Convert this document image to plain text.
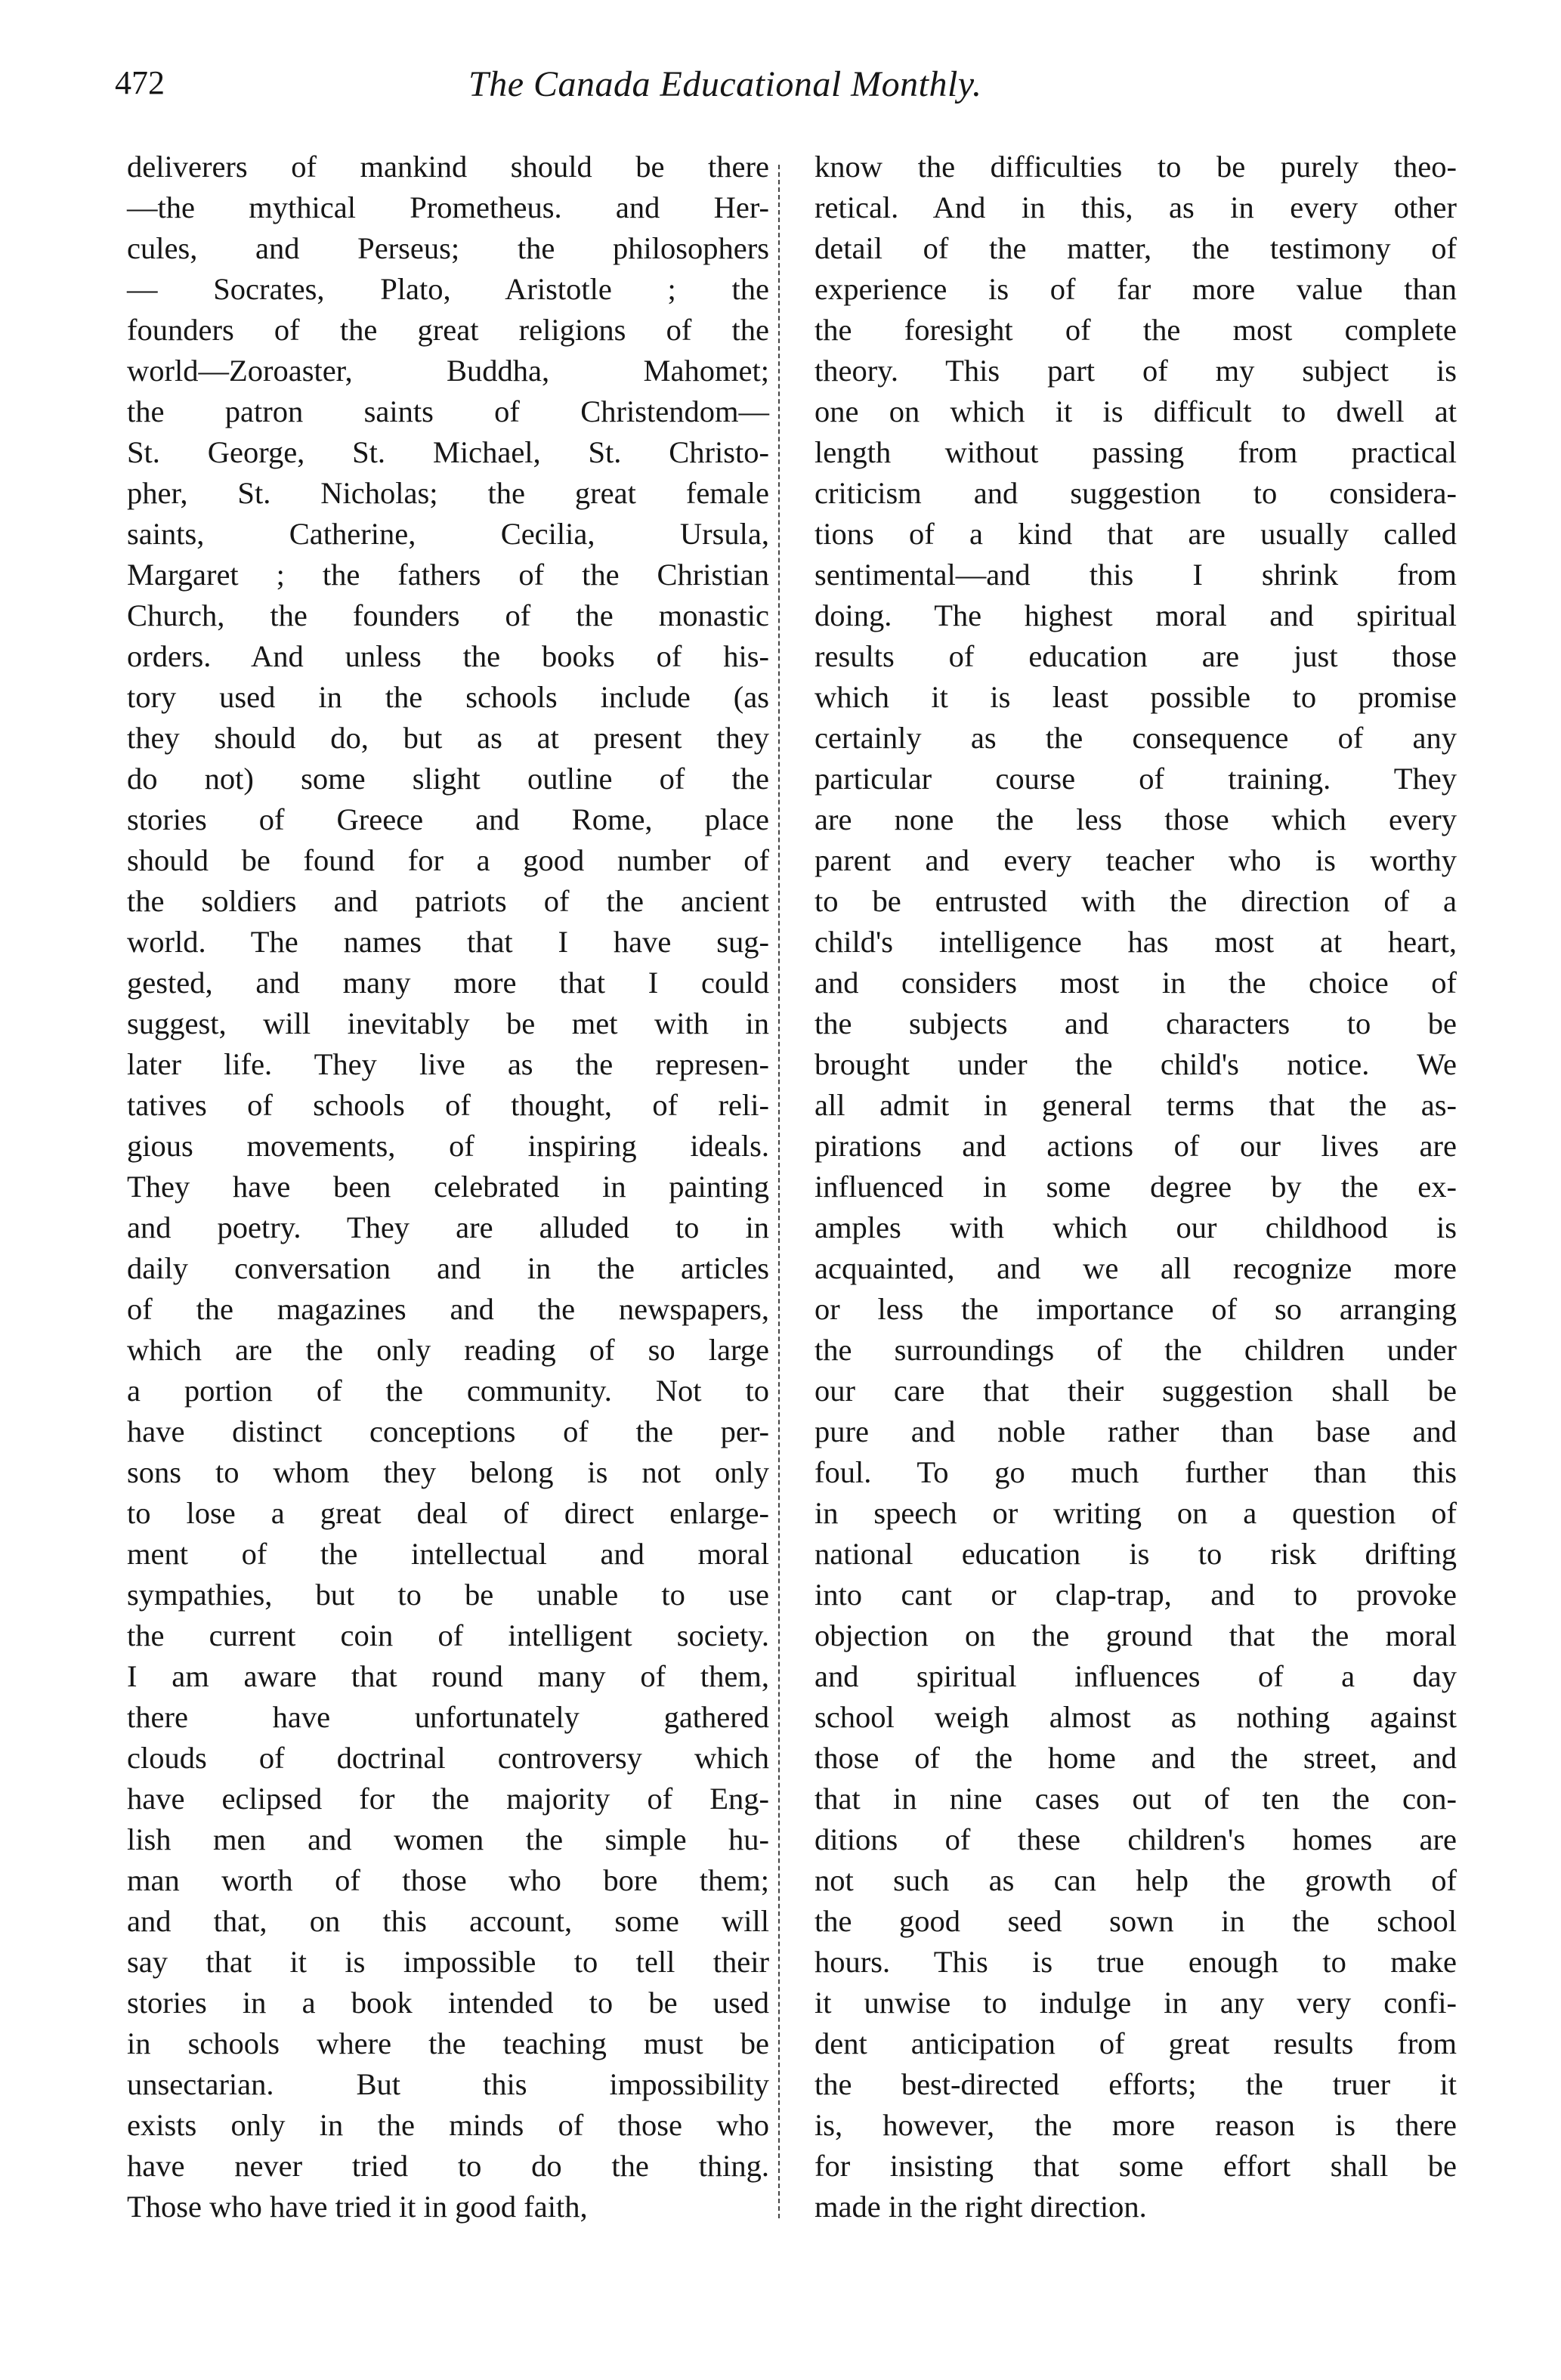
472	The Canada Educational Monthly.
deliverers of mankind should be there
—the mythical Prometheus. and Her-
cules, and Perseus; the philosophers
— Socrates, Plato, Aristotle ; the
founders of the great religions of the
world—Zoroaster, Buddha, Mahomet;
the patron saints of Christendom—
St. George, St. Michael, St. Christo-
pher, St. Nicholas; the great female
saints, Catherine, Cecilia, Ursula,
Margaret ; the fathers of the Christian
Church, the founders of the monastic
orders. And unless the books of his-
tory used in the schools include (as
they should do, but as at present they
do not) some slight outline of the
stories of Greece and Rome, place
should be found for a good number of
the soldiers and patriots of the ancient
world. The names that I have sug-
gested, and many more that I could
suggest, will inevitably be met with in
later life. They live as the represen-
tatives of schools of thought, of reli-
gious movements, of inspiring ideals.
They have been celebrated in painting
and poetry. They are alluded to in
daily conversation and in the articles
of the magazines and the newspapers,
which are the only reading of so large
a portion of the community. Not to
have distinct conceptions of the per-
sons to whom they belong is not only
to lose a great deal of direct enlarge-
ment of the intellectual and moral
sympathies, but to be unable to use
the current coin of intelligent society.
I am aware that round many of them,
there have unfortunately gathered
clouds of doctrinal controversy which
have eclipsed for the majority of Eng-
lish men and women the simple hu-
man worth of those who bore them;
and that, on this account, some will
say that it is impossible to tell their
stories in a book intended to be used
in schools where the teaching must be
unsectarian. But this impossibility
exists only in the minds of those who
have never tried to do the thing.
Those who have tried it in good faith,
know the difficulties to be purely theo-
retical. And in this, as in every other
detail of the matter, the testimony of
experience is of far more value than
the foresight of the most complete
theory. This part of my subject is
one on which it is difficult to dwell at
length without passing from practical
criticism and suggestion to considera-
tions of a kind that are usually called
sentimental—and this I shrink from
doing. The highest moral and spiritual
results of education are just those
which it is least possible to promise
certainly as the consequence of any
particular course of training. They
are none the less those which every
parent and every teacher who is worthy
to be entrusted with the direction of a
child's intelligence has most at heart,
and considers most in the choice of
the subjects and characters to be
brought under the child's notice. We
all admit in general terms that the as-
pirations and actions of our lives are
influenced in some degree by the ex-
amples with which our childhood is
acquainted, and we all recognize more
or less the importance of so arranging
the surroundings of the children under
our care that their suggestion shall be
pure and noble rather than base and
foul. To go much further than this
in speech or writing on a question of
national education is to risk drifting
into cant or clap-trap, and to provoke
objection on the ground that the moral
and spiritual influences of a day
school weigh almost as nothing against
those of the home and the street, and
that in nine cases out of ten the con-
ditions of these children's homes are
not such as can help the growth of
the good seed sown in the school
hours. This is true enough to make
it unwise to indulge in any very confi-
dent anticipation of great results from
the best-directed efforts; the truer it
is, however, the more reason is there
for insisting that some effort shall be
made in the right direction.
